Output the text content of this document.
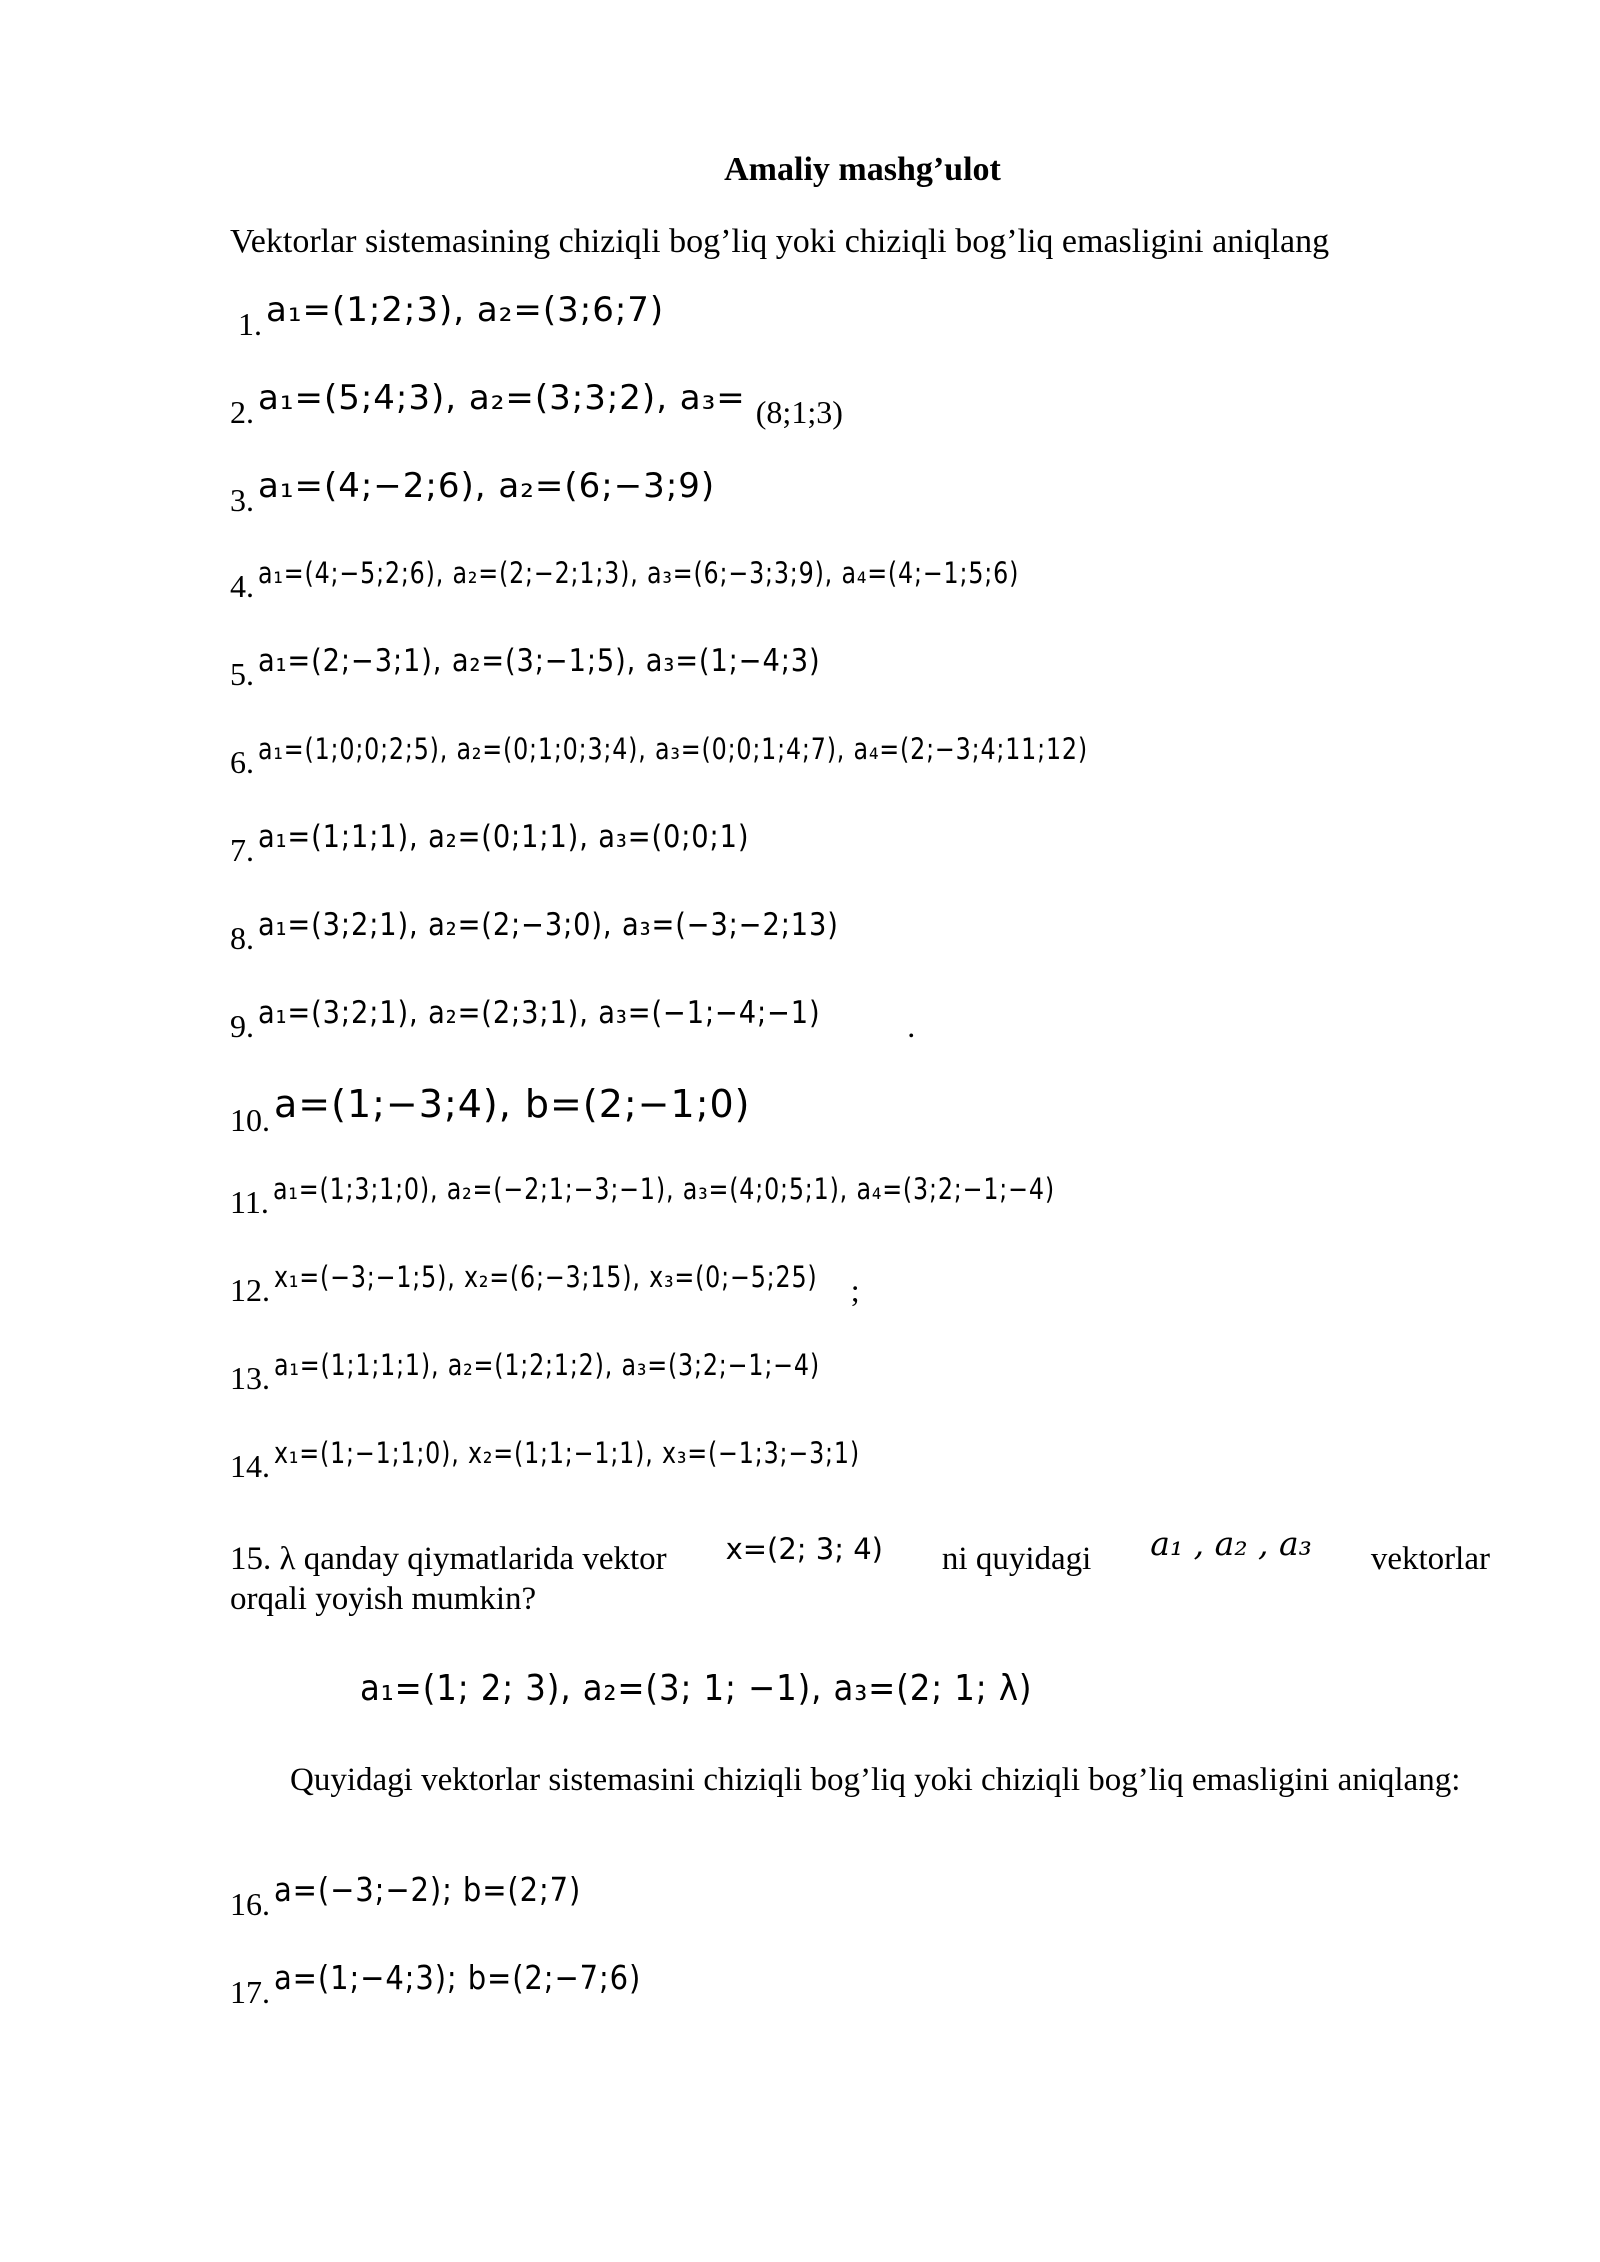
Amaliy mashg’ulot
Vektorlar sistemasining chiziqli bog’liq yoki chiziqli bog’liq emasligini aniqlang
1. a₁=(1;2;3), a₂=(3;6;7)
2. a₁=(5;4;3), a₂=(3;3;2), a₃= (8;1;3)
3. a₁=(4;−2;6), a₂=(6;−3;9)
4. a₁=(4;−5;2;6), a₂=(2;−2;1;3), a₃=(6;−3;3;9), a₄=(4;−1;5;6)
5. a₁=(2;−3;1), a₂=(3;−1;5), a₃=(1;−4;3)
6. a₁=(1;0;0;2;5), a₂=(0;1;0;3;4), a₃=(0;0;1;4;7), a₄=(2;−3;4;11;12)
7. a₁=(1;1;1), a₂=(0;1;1), a₃=(0;0;1)
8. a₁=(3;2;1), a₂=(2;−3;0), a₃=(−3;−2;13)
9. a₁=(3;2;1), a₂=(2;3;1), a₃=(−1;−4;−1)	.
10. a=(1;−3;4), b=(2;−1;0)
11. a₁=(1;3;1;0), a₂=(−2;1;−3;−1), a₃=(4;0;5;1), a₄=(3;2;−1;−4)
12. x₁=(−3;−1;5), x₂=(6;−3;15), x₃=(0;−5;25) ;
13. a₁=(1;1;1;1), a₂=(1;2;1;2), a₃=(3;2;−1;−4)
14. x₁=(1;−1;1;0), x₂=(1;1;−1;1), x₃=(−1;3;−3;1)
15. λ qanday qiymatlarida vektor x=(2; 3; 4) ni quyidagi a₁ , a₂ , a₃ vektorlar
orqali yoyish mumkin?
a₁=(1; 2; 3), a₂=(3; 1; −1), a₃=(2; 1; λ)
Quyidagi vektorlar sistemasini chiziqli bog’liq yoki chiziqli bog’liq emasligini aniqlang:
16. a=(−3;−2); b=(2;7)
17. a=(1;−4;3); b=(2;−7;6)
